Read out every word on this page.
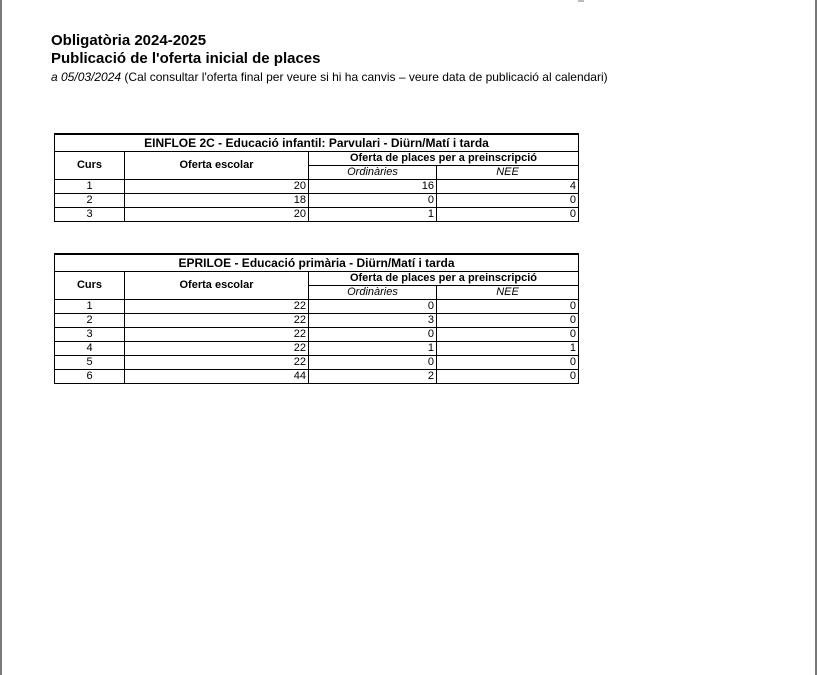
Obligatòria 2024-2025
Publicació de l'oferta inicial de places
a 05/03/2024 (Cal consultar l'oferta final per veure si hi ha canvis – veure data de publicació al calendari)
EINFLOE 2C - Educació infantil: Parvulari - Diürn/Matí i tarda			
Curs	Oferta escolar	Oferta de places per a preinscripció	
		Ordinàries	NEE
1	20	16	4
2	18	0	0
3	20	1	0
EPRILOE - Educació primària - Diürn/Matí i tarda			
Curs	Oferta escolar	Oferta de places per a preinscripció	
		Ordinàries	NEE
1	22	0	0
2	22	3	0
3	22	0	0
4	22	1	1
5	22	0	0
6	44	2	0
